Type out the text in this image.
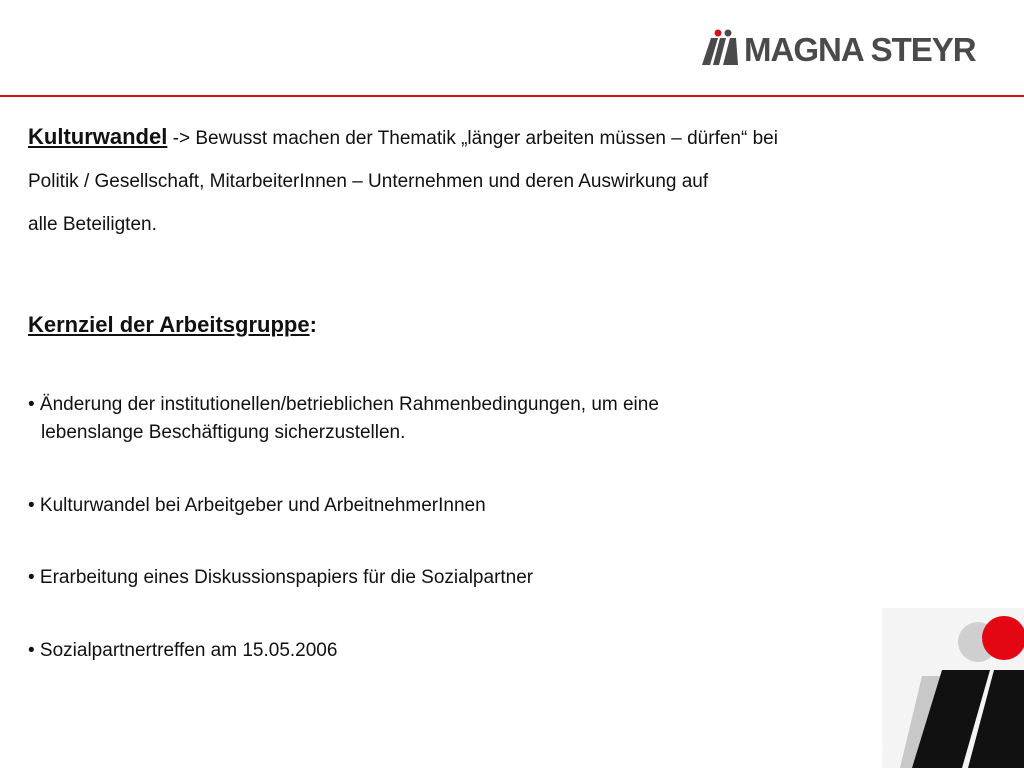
MAGNA STEYR
Kulturwandel -> Bewusst machen der Thematik „länger arbeiten müssen – dürfen“ bei
Politik / Gesellschaft, MitarbeiterInnen – Unternehmen und deren Auswirkung auf
alle Beteiligten.
Kernziel der Arbeitsgruppe:
• Änderung der institutionellen/betrieblichen Rahmenbedingungen, um eine
lebenslange Beschäftigung sicherzustellen.
• Kulturwandel bei Arbeitgeber und ArbeitnehmerInnen
• Erarbeitung eines Diskussionspapiers für die Sozialpartner
• Sozialpartnertreffen am 15.05.2006
34
